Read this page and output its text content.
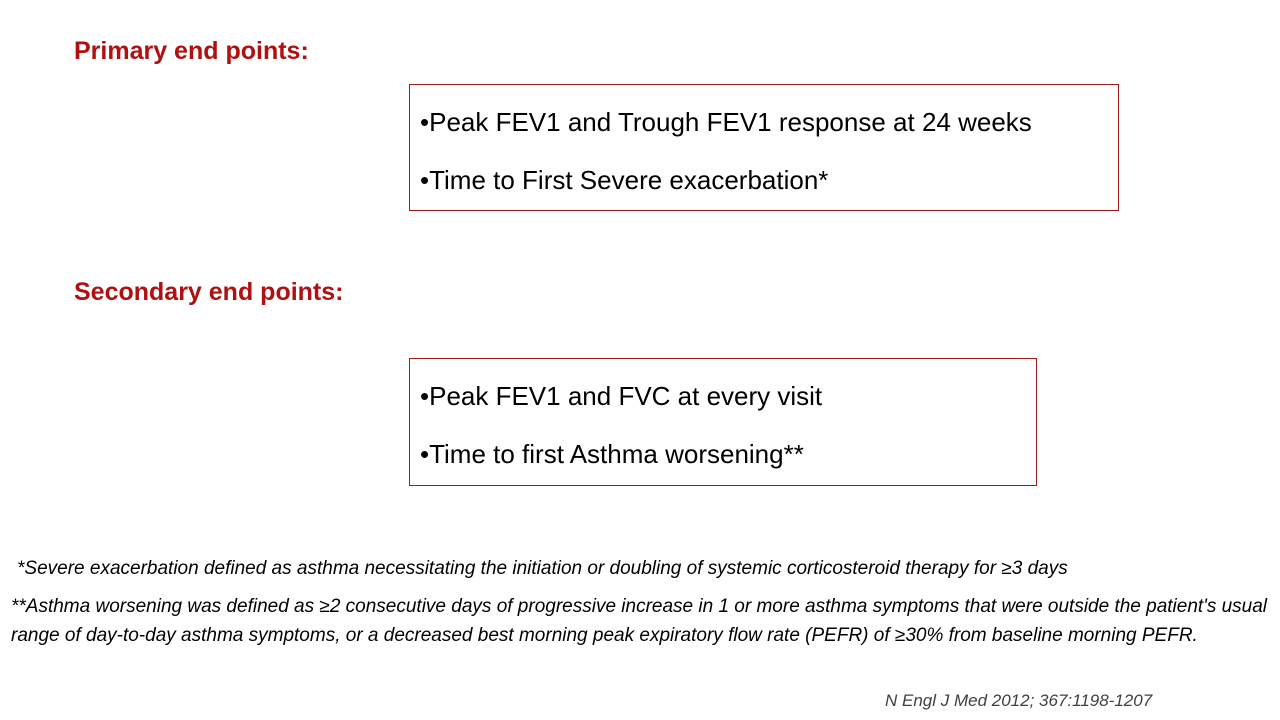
Primary end points:
•Peak FEV1 and Trough FEV1 response at 24 weeks
•Time to First Severe exacerbation*
Secondary end points:
•Peak FEV1 and FVC at every visit
•Time to first Asthma worsening**
*Severe exacerbation defined as asthma necessitating the initiation or doubling of systemic corticosteroid therapy for ≥3 days
**Asthma worsening was defined as ≥2 consecutive days of progressive increase in 1 or more asthma symptoms that were outside the patient's usual range of day-to-day asthma symptoms, or a decreased best morning peak expiratory flow rate (PEFR) of ≥30% from baseline morning PEFR.
N Engl J Med 2012; 367:1198-1207
